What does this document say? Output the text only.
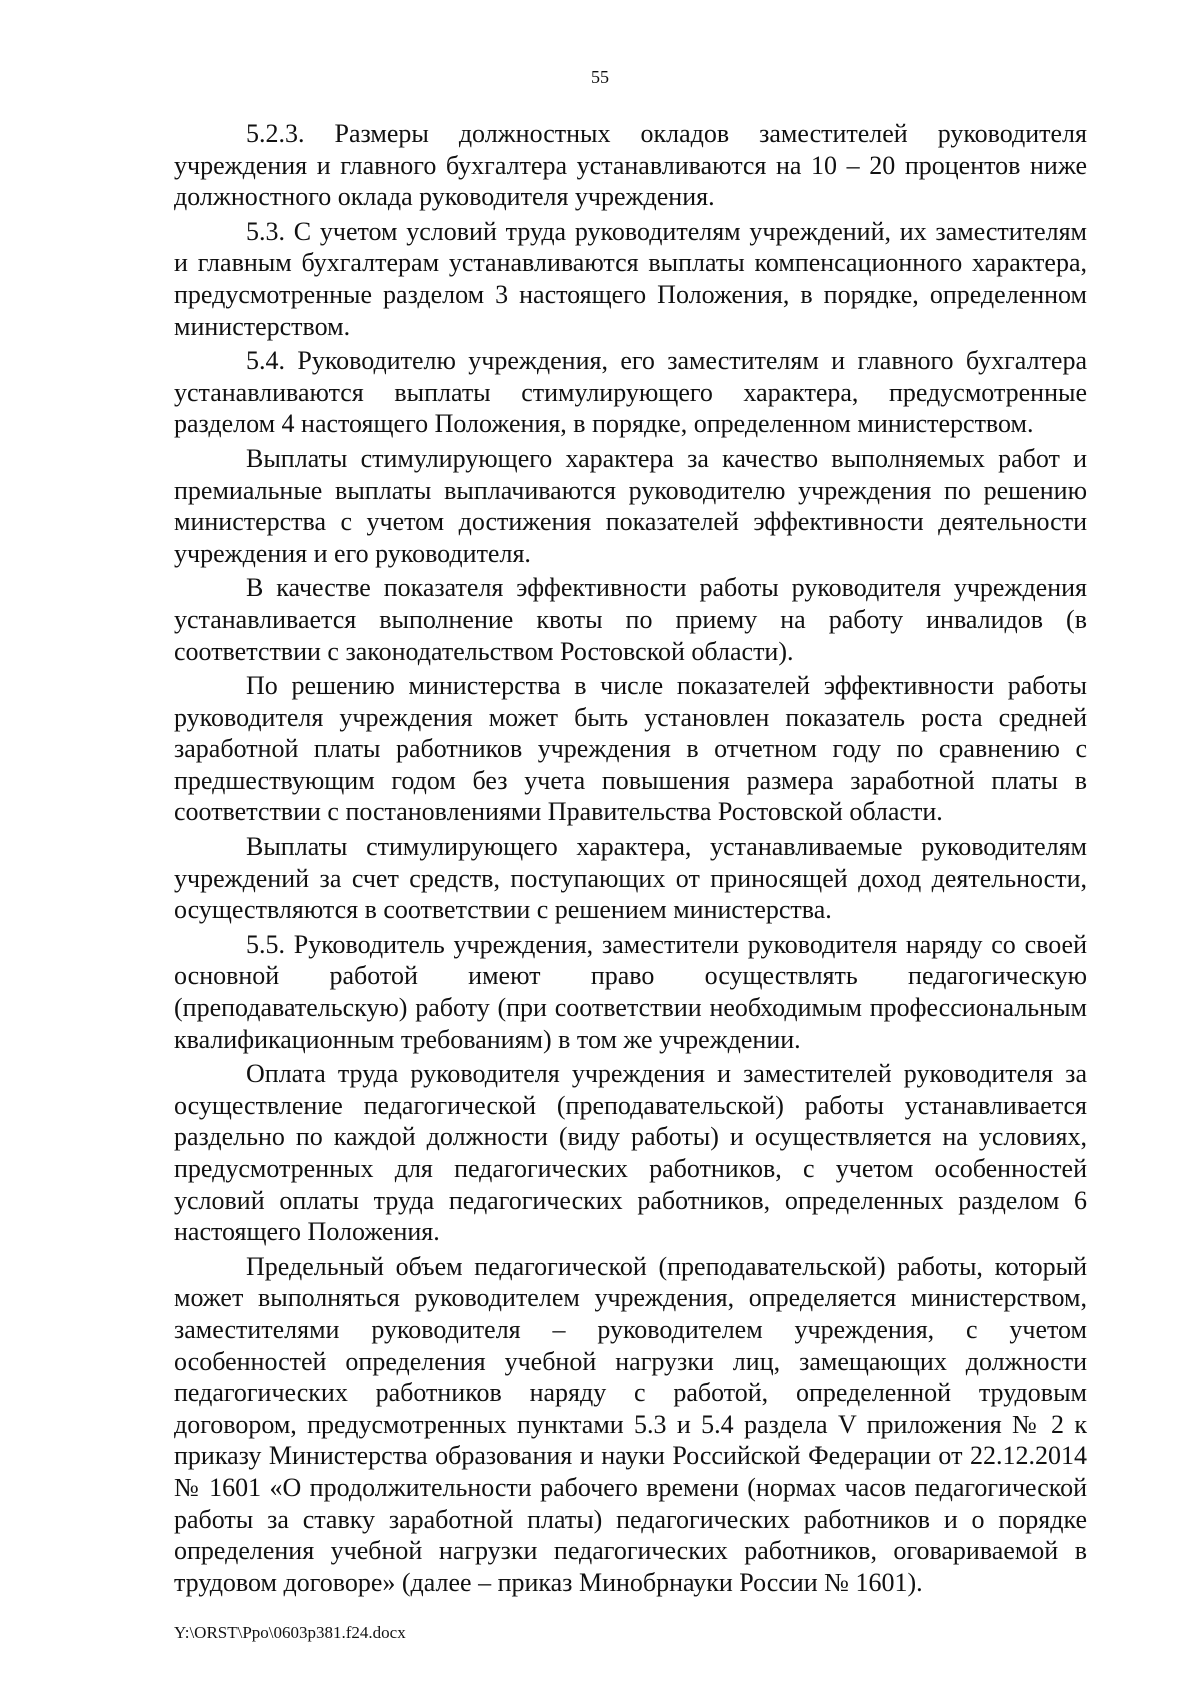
55

5.2.3. Размеры должностных окладов заместителей руководителя учреждения и главного бухгалтера устанавливаются на 10 – 20 процентов ниже должностного оклада руководителя учреждения.

5.3. С учетом условий труда руководителям учреждений, их заместителям и главным бухгалтерам устанавливаются выплаты компенсационного характера, предусмотренные разделом 3 настоящего Положения, в порядке, определенном министерством.

5.4. Руководителю учреждения, его заместителям и главного бухгалтера устанавливаются выплаты стимулирующего характера, предусмотренные разделом 4 настоящего Положения, в порядке, определенном министерством.

Выплаты стимулирующего характера за качество выполняемых работ и премиальные выплаты выплачиваются руководителю учреждения по решению министерства с учетом достижения показателей эффективности деятельности учреждения и его руководителя.

В качестве показателя эффективности работы руководителя учреждения устанавливается выполнение квоты по приему на работу инвалидов (в соответствии с законодательством Ростовской области).

По решению министерства в числе показателей эффективности работы руководителя учреждения может быть установлен показатель роста средней заработной платы работников учреждения в отчетном году по сравнению с предшествующим годом без учета повышения размера заработной платы в соответствии с постановлениями Правительства Ростовской области.

Выплаты стимулирующего характера, устанавливаемые руководителям учреждений за счет средств, поступающих от приносящей доход деятельности, осуществляются в соответствии с решением министерства.

5.5. Руководитель учреждения, заместители руководителя наряду со своей основной работой имеют право осуществлять педагогическую (преподавательскую) работу (при соответствии необходимым профессиональным квалификационным требованиям) в том же учреждении.

Оплата труда руководителя учреждения и заместителей руководителя за осуществление педагогической (преподавательской) работы устанавливается раздельно по каждой должности (виду работы) и осуществляется на условиях, предусмотренных для педагогических работников, с учетом особенностей условий оплаты труда педагогических работников, определенных разделом 6 настоящего Положения.

Предельный объем педагогической (преподавательской) работы, который может выполняться руководителем учреждения, определяется министерством, заместителями руководителя – руководителем учреждения, с учетом особенностей определения учебной нагрузки лиц, замещающих должности педагогических работников наряду с работой, определенной трудовым договором, предусмотренных пунктами 5.3 и 5.4 раздела V приложения № 2 к приказу Министерства образования и науки Российской Федерации от 22.12.2014 № 1601 «О продолжительности рабочего времени (нормах часов педагогической работы за ставку заработной платы) педагогических работников и о порядке определения учебной нагрузки педагогических работников, оговариваемой в трудовом договоре» (далее – приказ Минобрнауки России № 1601).

Y:\ORST\Ppo\0603p381.f24.docx
